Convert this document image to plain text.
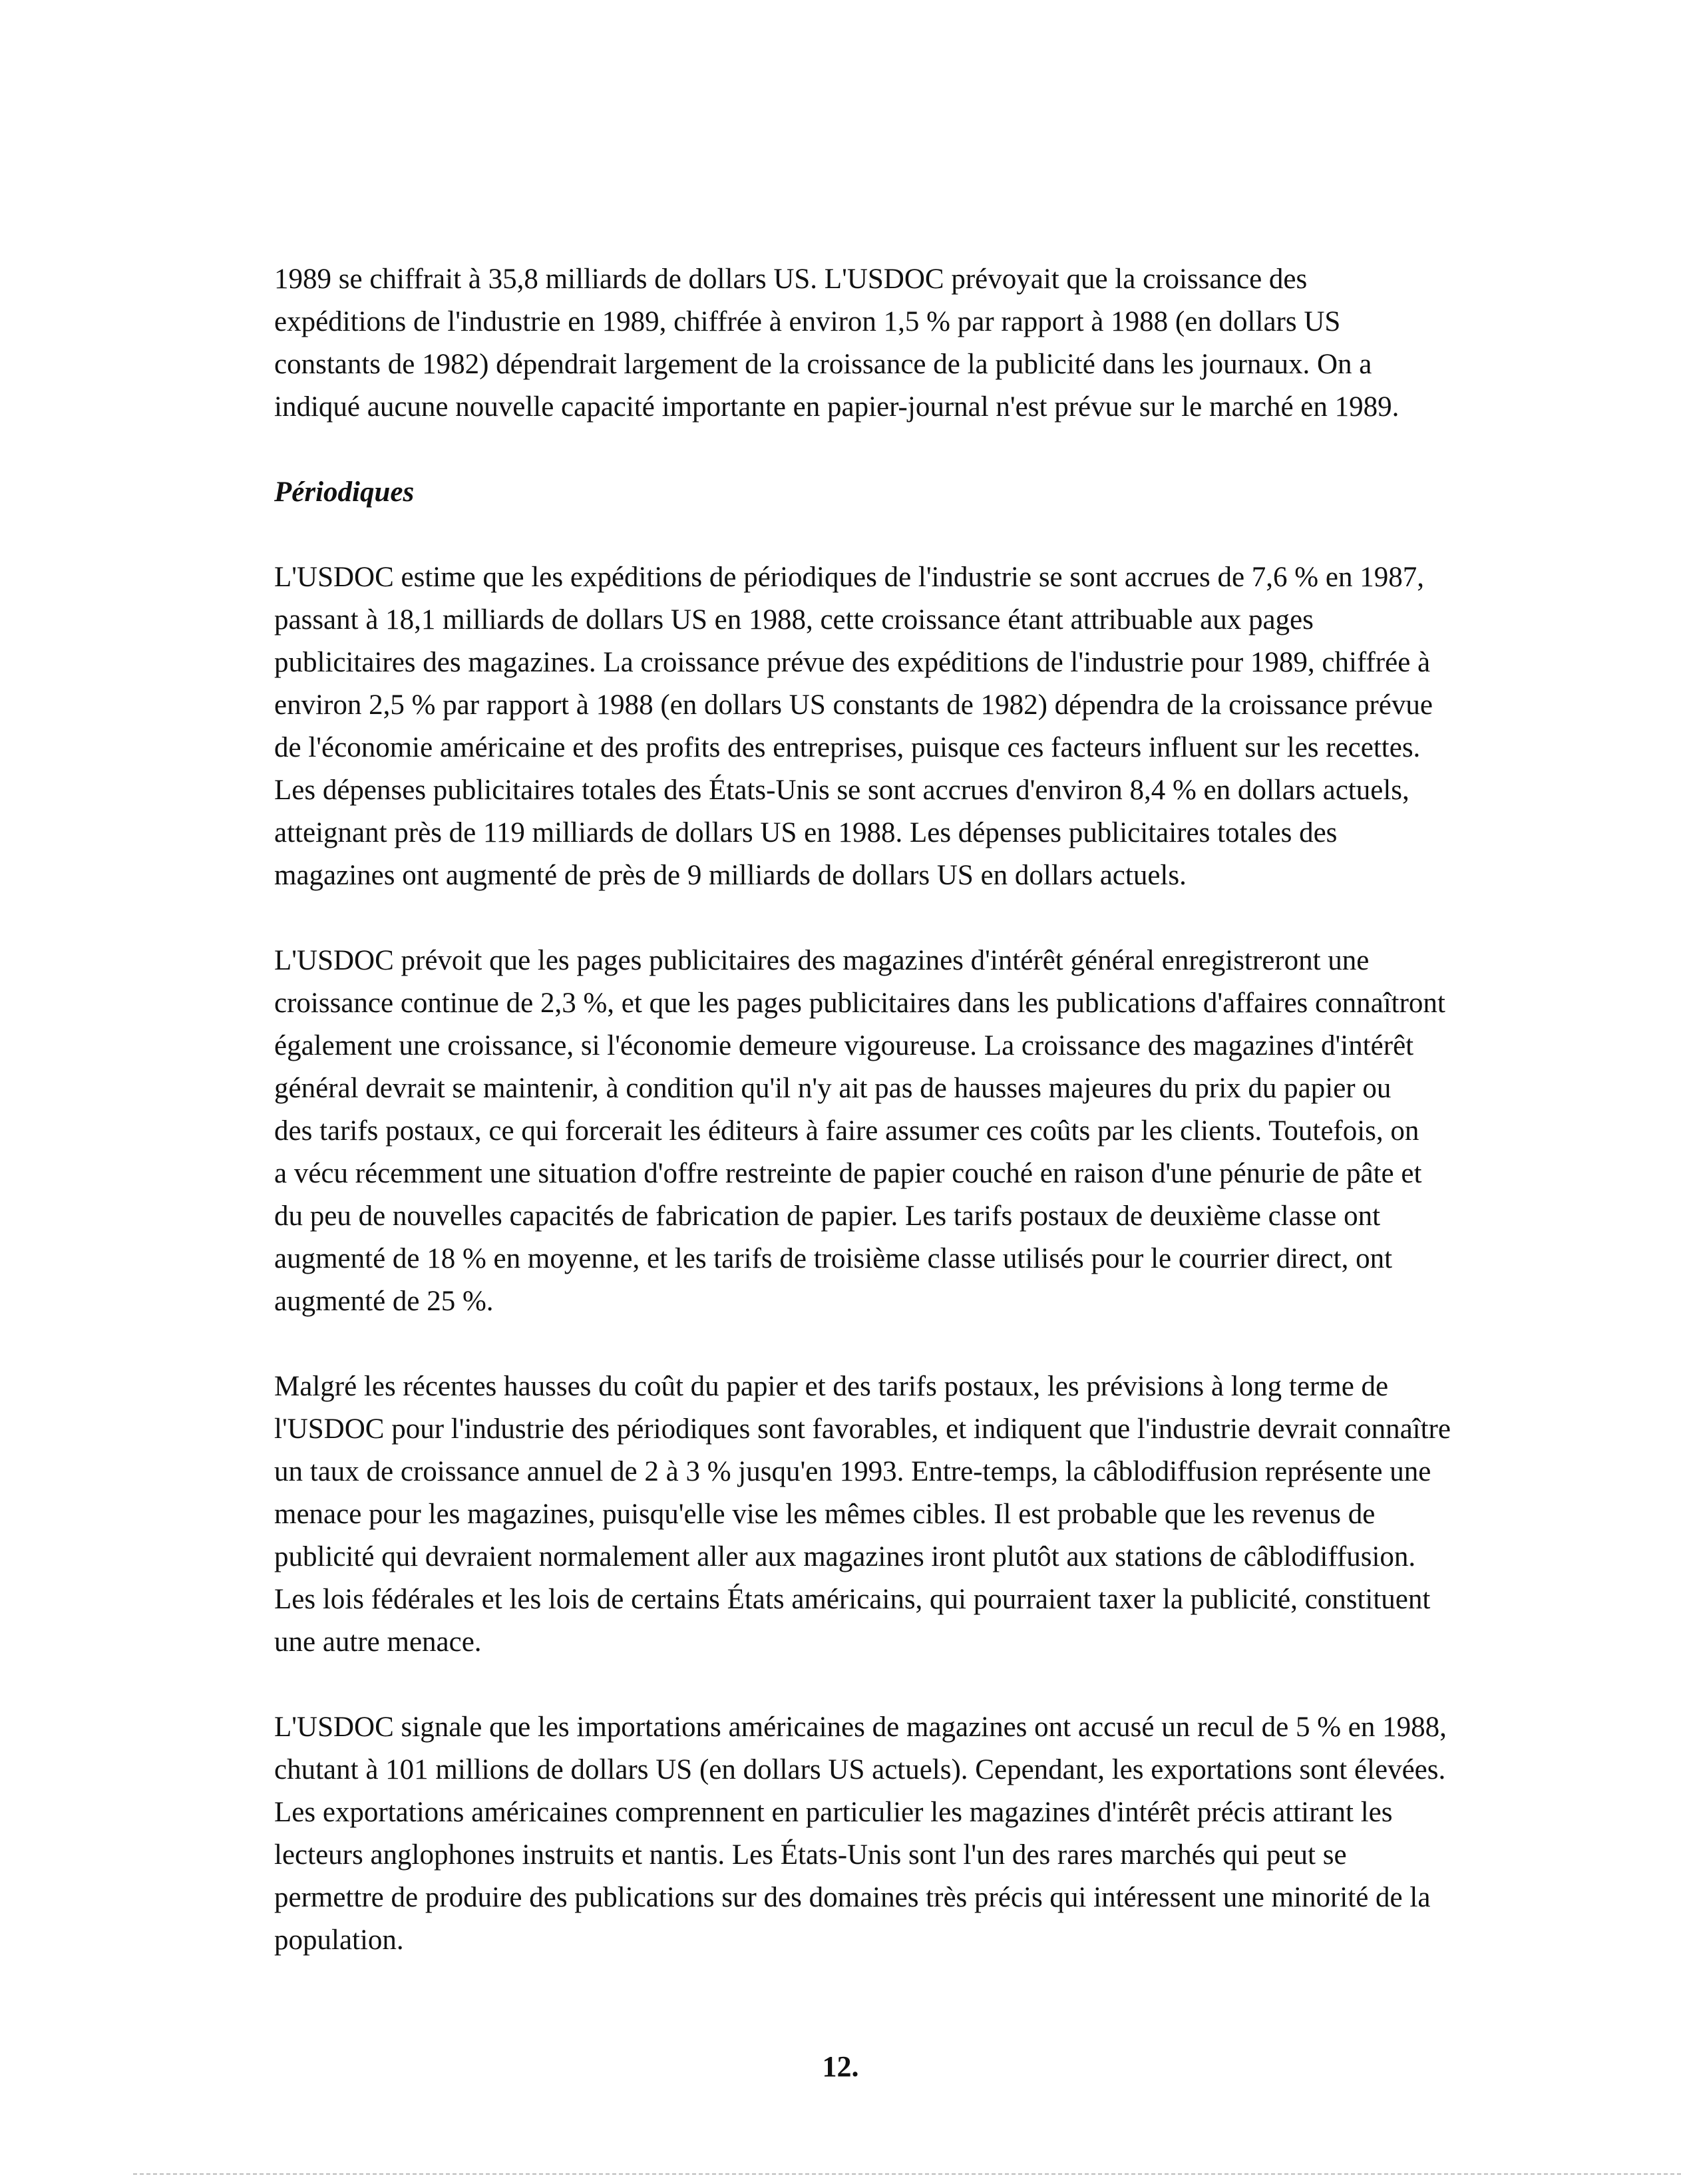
1989 se chiffrait à 35,8 milliards de dollars US. L'USDOC prévoyait que la croissance des
expéditions de l'industrie en 1989, chiffrée à environ 1,5 % par rapport à 1988 (en dollars US
constants de 1982) dépendrait largement de la croissance de la publicité dans les journaux. On a
indiqué aucune nouvelle capacité importante en papier-journal n'est prévue sur le marché en 1989.

Périodiques

L'USDOC estime que les expéditions de périodiques de l'industrie se sont accrues de 7,6 % en 1987,
passant à 18,1 milliards de dollars US en 1988, cette croissance étant attribuable aux pages
publicitaires des magazines. La croissance prévue des expéditions de l'industrie pour 1989, chiffrée à
environ 2,5 % par rapport à 1988 (en dollars US constants de 1982) dépendra de la croissance prévue
de l'économie américaine et des profits des entreprises, puisque ces facteurs influent sur les recettes.
Les dépenses publicitaires totales des États-Unis se sont accrues d'environ 8,4 % en dollars actuels,
atteignant près de 119 milliards de dollars US en 1988. Les dépenses publicitaires totales des
magazines ont augmenté de près de 9 milliards de dollars US en dollars actuels.

L'USDOC prévoit que les pages publicitaires des magazines d'intérêt général enregistreront une
croissance continue de 2,3 %, et que les pages publicitaires dans les publications d'affaires connaîtront
également une croissance, si l'économie demeure vigoureuse. La croissance des magazines d'intérêt
général devrait se maintenir, à condition qu'il n'y ait pas de hausses majeures du prix du papier ou
des tarifs postaux, ce qui forcerait les éditeurs à faire assumer ces coûts par les clients. Toutefois, on
a vécu récemment une situation d'offre restreinte de papier couché en raison d'une pénurie de pâte et
du peu de nouvelles capacités de fabrication de papier. Les tarifs postaux de deuxième classe ont
augmenté de 18 % en moyenne, et les tarifs de troisième classe utilisés pour le courrier direct, ont
augmenté de 25 %.

Malgré les récentes hausses du coût du papier et des tarifs postaux, les prévisions à long terme de
l'USDOC pour l'industrie des périodiques sont favorables, et indiquent que l'industrie devrait connaître
un taux de croissance annuel de 2 à 3 % jusqu'en 1993. Entre-temps, la câblodiffusion représente une
menace pour les magazines, puisqu'elle vise les mêmes cibles. Il est probable que les revenus de
publicité qui devraient normalement aller aux magazines iront plutôt aux stations de câblodiffusion.
Les lois fédérales et les lois de certains États américains, qui pourraient taxer la publicité, constituent
une autre menace.

L'USDOC signale que les importations américaines de magazines ont accusé un recul de 5 % en 1988,
chutant à 101 millions de dollars US (en dollars US actuels). Cependant, les exportations sont élevées.
Les exportations américaines comprennent en particulier les magazines d'intérêt précis attirant les
lecteurs anglophones instruits et nantis. Les États-Unis sont l'un des rares marchés qui peut se
permettre de produire des publications sur des domaines très précis qui intéressent une minorité de la
population.

12.
